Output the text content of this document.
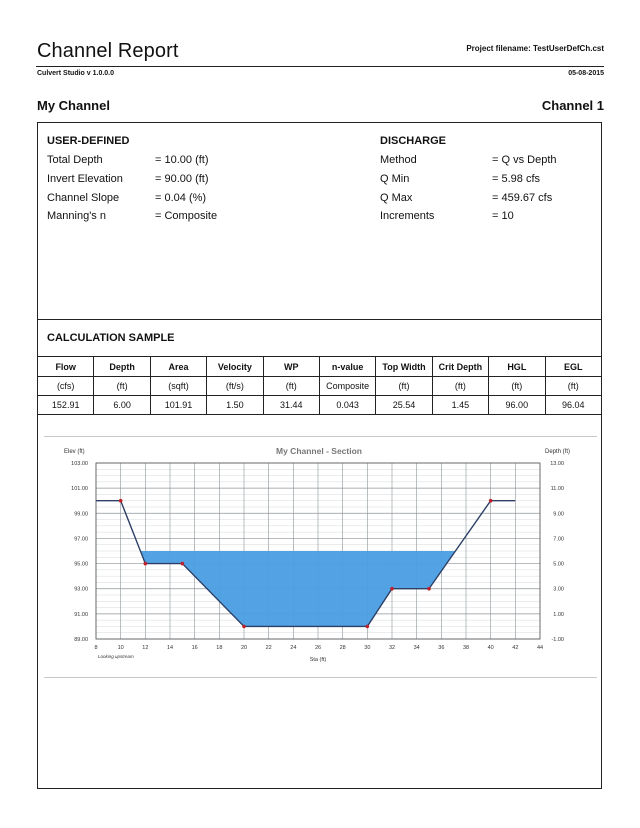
Channel Report	Project filename: TestUserDefCh.cst
Culvert Studio v 1.0.0.0	05-08-2015
My Channel	Channel 1
USER-DEFINED
Total Depth	= 10.00 (ft)
Invert Elevation	= 90.00 (ft)
Channel Slope	= 0.04 (%)
Manning's n	= Composite
DISCHARGE
Method	= Q vs Depth
Q Min	= 5.98 cfs
Q Max	= 459.67 cfs
Increments	= 10
CALCULATION SAMPLE
Flow	Depth	Area	Velocity	WP	n-value	Top Width	Crit Depth	HGL	EGL
(cfs)	(ft)	(sqft)	(ft/s)	(ft)	Composite	(ft)	(ft)	(ft)	(ft)
152.91	6.00	101.91	1.50	31.44	0.043	25.54	1.45	96.00	96.04
My Channel - Section
Elev (ft)	Depth (ft)
Sta (ft)
Looking upstream
8	10	12	14	16	18	20	22	24	26	28	30	32	34	36	38	40	42	44
89.00
91.00
93.00
95.00
97.00
99.00
101.00
103.00
-1.00
1.00
3.00
5.00
7.00
9.00
11.00
13.00
